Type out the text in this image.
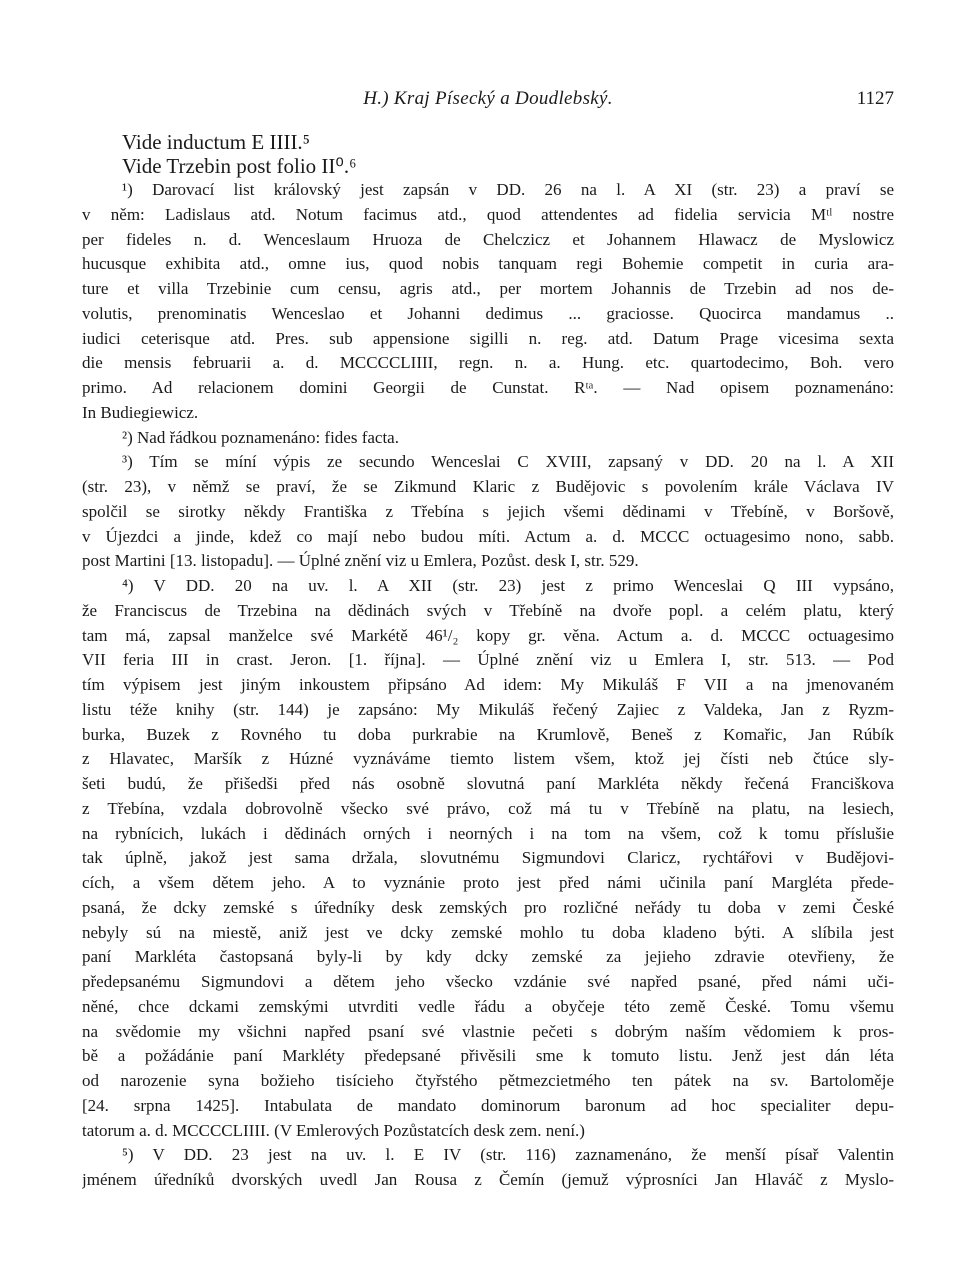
H.) Kraj Písecký a Doudlebský.	1127
Vide inductum E IIII.⁵
Vide Trzebin post folio II⁰.⁶
¹) Darovací list královský jest zapsán v DD. 26 na l. A XI (str. 23) a praví se
v něm: Ladislaus atd. Notum facimus atd., quod attendentes ad fidelia servicia Mᵗˡ nostre
per fideles n. d. Wenceslaum Hruoza de Chelczicz et Johannem Hlawacz de Myslowicz
hucusque exhibita atd., omne ius, quod nobis tanquam regi Bohemie competit in curia ara-
ture et villa Trzebinie cum censu, agris atd., per mortem Johannis de Trzebin ad nos de-
volutis, prenominatis Wenceslao et Johanni dedimus ... graciosse. Quocirca mandamus ..
iudici ceterisque atd. Pres. sub appensione sigilli n. reg. atd. Datum Prage vicesima sexta
die mensis februarii a. d. MCCCCLIIII, regn. n. a. Hung. etc. quartodecimo, Boh. vero
primo. Ad relacionem domini Georgii de Cunstat. Rᵗᵃ. — Nad opisem poznamenáno:
In Budiegiewicz.
²) Nad řádkou poznamenáno: fides facta.
³) Tím se míní výpis ze secundo Wenceslai C XVIII, zapsaný v DD. 20 na l. A XII
(str. 23), v němž se praví, že se Zikmund Klaric z Budějovic s povolením krále Václava IV
spolčil se sirotky někdy Františka z Třebína s jejich všemi dědinami v Třebíně, v Boršově,
v Újezdci a jinde, kdež co mají nebo budou míti. Actum a. d. MCCC octuagesimo nono, sabb.
post Martini [13. listopadu]. — Úplné znění viz u Emlera, Pozůst. desk I, str. 529.
⁴) V DD. 20 na uv. l. A XII (str. 23) jest z primo Wenceslai Q III vypsáno,
že Franciscus de Trzebina na dědinách svých v Třebíně na dvoře popl. a celém platu, který
tam má, zapsal manželce své Markétě 46¹/₂ kopy gr. věna. Actum a. d. MCCC octuagesimo
VII feria III in crast. Jeron. [1. října]. — Úplné znění viz u Emlera I, str. 513. — Pod
tím výpisem jest jiným inkoustem připsáno Ad idem: My Mikuláš F VII a na jmenovaném
listu téže knihy (str. 144) je zapsáno: My Mikuláš řečený Zajiec z Valdeka, Jan z Ryzm-
burka, Buzek z Rovného tu doba purkrabie na Krumlově, Beneš z Komařic, Jan Rúbík
z Hlavatec, Maršík z Húzné vyznáváme tiemto listem všem, ktož jej čísti neb čtúce sly-
šeti budú, že přišedši před nás osobně slovutná paní Markléta někdy řečená Franciškova
z Třebína, vzdala dobrovolně všecko své právo, což má tu v Třebíně na platu, na lesiech,
na rybnícich, lukách i dědinách orných i neorných i na tom na všem, což k tomu příslušie
tak úplně, jakož jest sama držala, slovutnému Sigmundovi Claricz, rychtářovi v Budějovi-
cích, a všem dětem jeho. A to vyznánie proto jest před námi učinila paní Margléta přede-
psaná, že dcky zemské s úředníky desk zemských pro rozličné neřády tu doba v zemi České
nebyly sú na miestě, aniž jest ve dcky zemské mohlo tu doba kladeno býti. A slíbila jest
paní Markléta častopsaná byly-li by kdy dcky zemské za jejieho zdravie otevřieny, že
předepsanému Sigmundovi a dětem jeho všecko vzdánie své napřed psané, před námi uči-
něné, chce dckami zemskými utvrditi vedle řádu a obyčeje této země České. Tomu všemu
na svědomie my všichni napřed psaní své vlastnie pečeti s dobrým naším vědomiem k pros-
bě a požádánie paní Markléty předepsané přivěsili sme k tomuto listu. Jenž jest dán léta
od narozenie syna božieho tisícieho čtyřstého pětmezcietmého ten pátek na sv. Bartoloměje
[24. srpna 1425]. Intabulata de mandato dominorum baronum ad hoc specialiter depu-
tatorum a. d. MCCCCLIIII. (V Emlerových Pozůstatcích desk zem. není.)
⁵) V DD. 23 jest na uv. l. E IV (str. 116) zaznamenáno, že menší písař Valentin
jménem úředníků dvorských uvedl Jan Rousa z Čemín (jemuž výprosníci Jan Hlaváč z Myslo-
